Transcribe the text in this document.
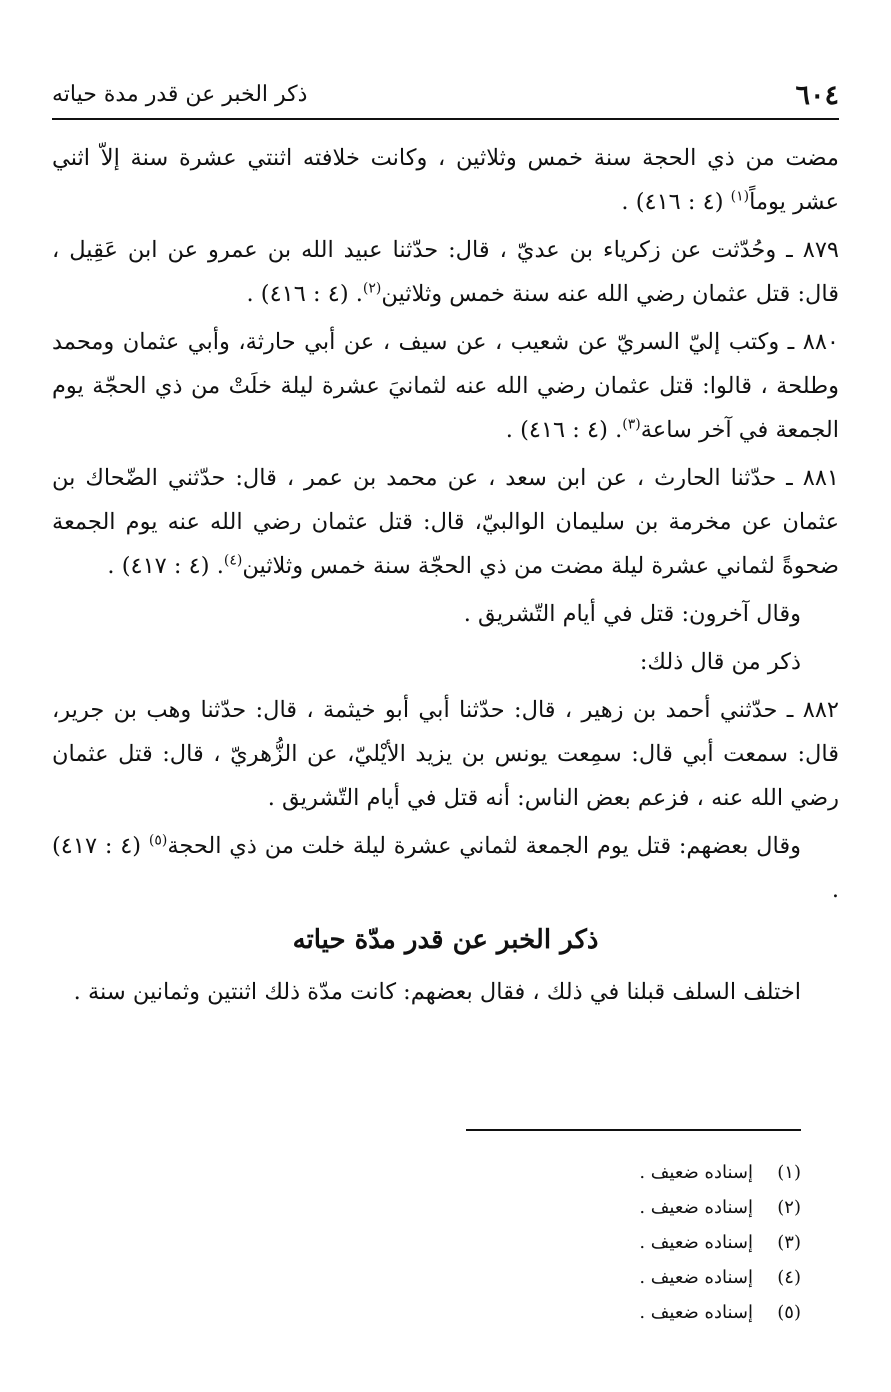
٦٠٤
ذكر الخبر عن قدر مدة حياته

مضت من ذي الحجة سنة خمس وثلاثين ، وكانت خلافته اثنتي عشرة سنة إلاّ اثني عشر يوماً$^{(١)}$ (٤ : ٤١٦) .

٨٧٩ ـ وحُدّثت عن زكرياء بن عديّ ، قال: حدّثنا عبيد الله بن عمرو عن ابن عَقِيل ، قال: قتل عثمان رضي الله عنه سنة خمس وثلاثين$^{(٢)}$. (٤ : ٤١٦) .

٨٨٠ ـ وكتب إليّ السريّ عن شعيب ، عن سيف ، عن أبي حارثة، وأبي عثمان ومحمد وطلحة ، قالوا: قتل عثمان رضي الله عنه لثمانيَ عشرة ليلة خلَتْ من ذي الحجّة يوم الجمعة في آخر ساعة$^{(٣)}$. (٤ : ٤١٦) .

٨٨١ ـ حدّثنا الحارث ، عن ابن سعد ، عن محمد بن عمر ، قال: حدّثني الضّحاك بن عثمان عن مخرمة بن سليمان الوالبيّ، قال: قتل عثمان رضي الله عنه يوم الجمعة ضحوةً لثماني عشرة ليلة مضت من ذي الحجّة سنة خمس وثلاثين$^{(٤)}$. (٤ : ٤١٧) .

وقال آخرون: قتل في أيام التّشريق .

ذكر من قال ذلك:

٨٨٢ ـ حدّثني أحمد بن زهير ، قال: حدّثنا أبي أبو خيثمة ، قال: حدّثنا وهب بن جرير، قال: سمعت أبي قال: سمِعت يونس بن يزيد الأيْليّ، عن الزُّهريّ ، قال: قتل عثمان رضي الله عنه ، فزعم بعض الناس: أنه قتل في أيام التّشريق .

وقال بعضهم: قتل يوم الجمعة لثماني عشرة ليلة خلت من ذي الحجة$^{(٥)}$ (٤ : ٤١٧) .

ذكر الخبر عن قدر مدّة حياته

اختلف السلف قبلنا في ذلك ، فقال بعضهم: كانت مدّة ذلك اثنتين وثمانين سنة .

(١)
إسناده ضعيف .
(٢)
إسناده ضعيف .
(٣)
إسناده ضعيف .
(٤)
إسناده ضعيف .
(٥)
إسناده ضعيف .
